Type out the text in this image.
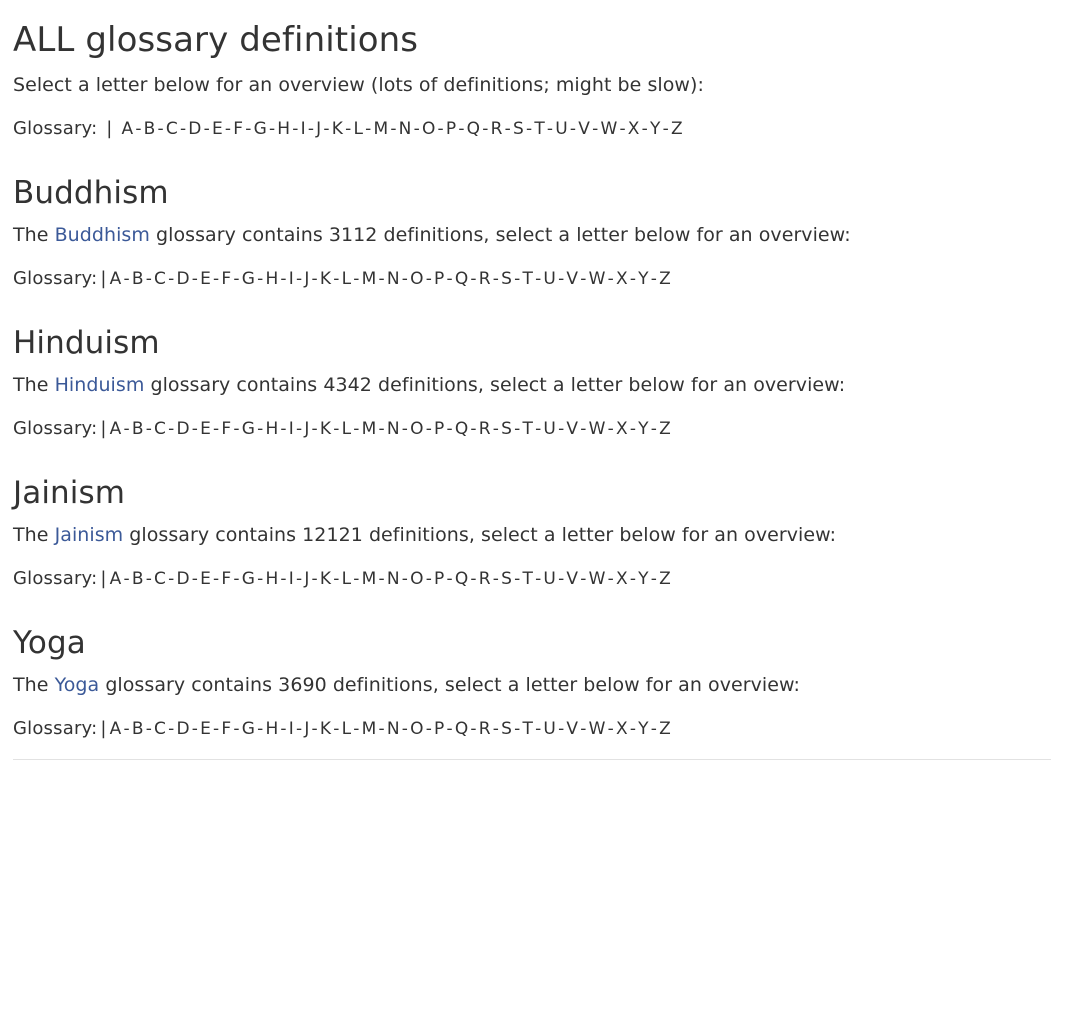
ALL glossary definitions

Select a letter below for an overview (lots of definitions; might be slow):

Glossary: | A - B - C - D - E - F - G - H - I - J - K - L - M - N - O - P - Q - R - S - T - U - V - W - X - Y - Z
Buddhism

The Buddhism glossary contains 3112 definitions, select a letter below for an overview:

Glossary: | A - B - C - D - E - F - G - H - I - J - K - L - M - N - O - P - Q - R - S - T - U - V - W - X - Y - Z
Hinduism

The Hinduism glossary contains 4342 definitions, select a letter below for an overview:

Glossary: | A - B - C - D - E - F - G - H - I - J - K - L - M - N - O - P - Q - R - S - T - U - V - W - X - Y - Z
Jainism

The Jainism glossary contains 12121 definitions, select a letter below for an overview:

Glossary: | A - B - C - D - E - F - G - H - I - J - K - L - M - N - O - P - Q - R - S - T - U - V - W - X - Y - Z
Yoga

The Yoga glossary contains 3690 definitions, select a letter below for an overview:

Glossary: | A - B - C - D - E - F - G - H - I - J - K - L - M - N - O - P - Q - R - S - T - U - V - W - X - Y - Z
